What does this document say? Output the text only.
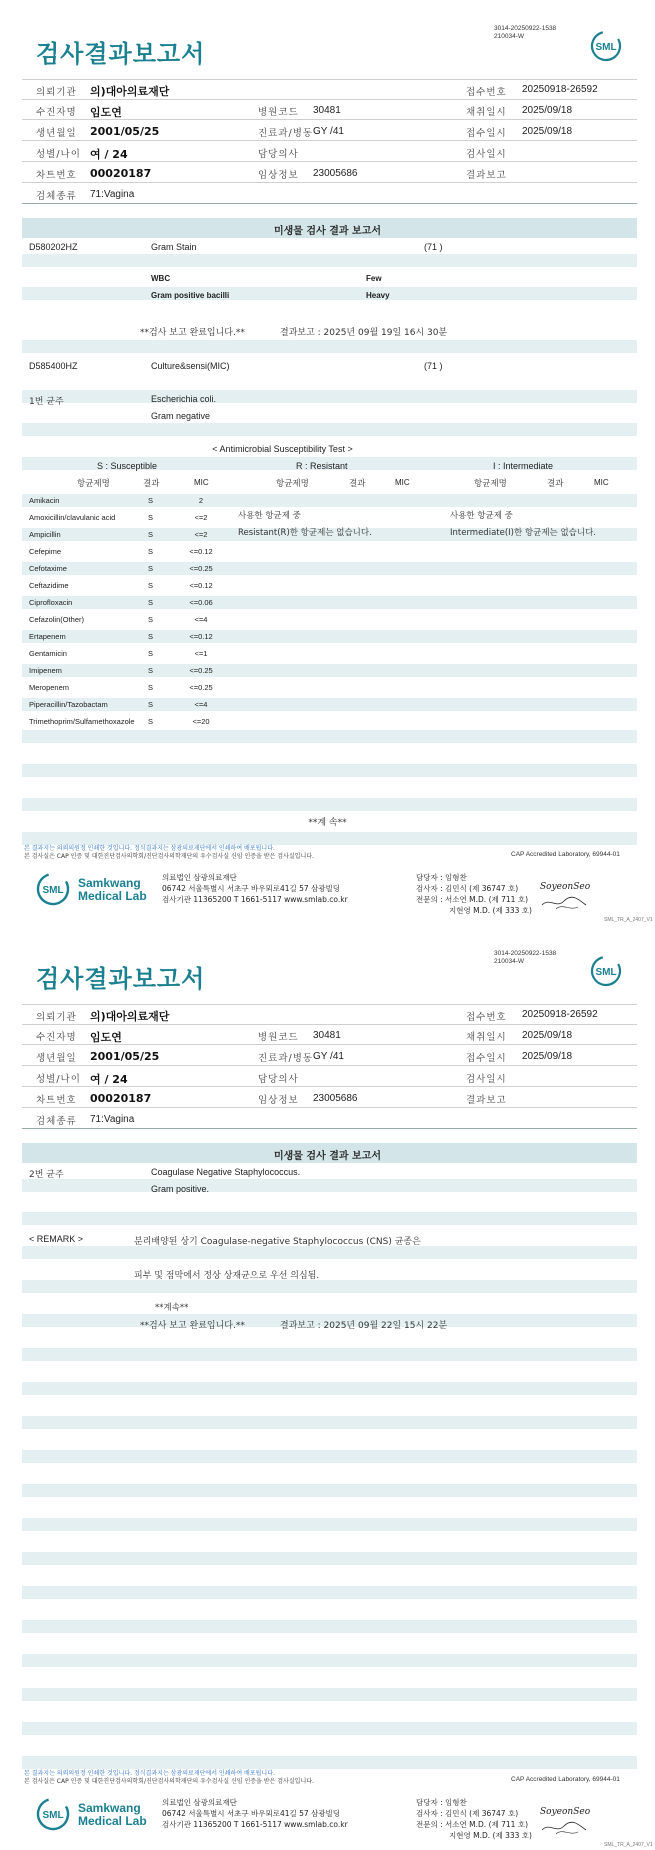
검사결과보고서
3014-20250922-1538
210034-W
SML
의뢰기관 의)대아의료재단	접수번호 20250918-26592
수진자명 임도연	병원코드 30481	채취일시 2025/09/18
생년월일 2001/05/25	진료과/병동 GY /41	접수일시 2025/09/18
성별/나이 여 / 24	담당의사	검사일시
차트번호 00020187	임상정보 23005686	결과보고
검체종류 71:Vagina
미생물 검사 결과 보고서
D580202HZ	Gram Stain	(71 )
WBC	Few
Gram positive bacilli	Heavy
**검사 보고 완료입니다.**	결과보고 : 2025년 09월 19일 16시 30분
D585400HZ	Culture&sensi(MIC)	(71 )
1번 균주	Escherichia coli.
Gram negative
< Antimicrobial Susceptibility Test >
S : Susceptible	R : Resistant	I : Intermediate
항균제명	결과	MIC	항균제명	결과	MIC	항균제명	결과	MIC
Amikacin	S	2
Amoxicillin/clavulanic acid	S	<=2
Ampicillin	S	<=2
Cefepime	S	<=0.12
Cefotaxime	S	<=0.25
Ceftazidime	S	<=0.12
Ciprofloxacin	S	<=0.06
Cefazolin(Other)	S	<=4
Ertapenem	S	<=0.12
Gentamicin	S	<=1
Imipenem	S	<=0.25
Meropenem	S	<=0.25
Piperacillin/Tazobactam	S	<=4
Trimethoprim/Sulfamethoxazole S	<=20
사용한 항균제 중
Resistant(R)한 항균제는 없습니다.
사용한 항균제 중
Intermediate(I)한 항균제는 없습니다.
**계 속**
본 결과지는 의뢰의원정 인쇄한 것입니다. 정식결과지는 삼광의료재단에서 인쇄하여 배포됩니다.
본 검사실은 CAP 인증 및 대한진단검사의학회/진단검사의학재단의 우수검사실 신임 인증을 받은 검사실입니다.	CAP Accredited Laboratory, 69944-01
SML
Samkwang
Medical Lab
의료법인 삼광의료재단
06742 서울특별시 서초구 바우뫼로41길 57 삼광빌딩
검사기관 11365200 T 1661-5117 www.smlab.co.kr
담당자 : 임형찬
검사자 : 김민식 (제 36747 호)
전문의 : 서소연 M.D. (제 711 호)
지현영 M.D. (제 333 호)
SoyeonSeo
SML_TR_A_2407_V1
검사결과보고서
3014-20250922-1538
210034-W
SML
의뢰기관 의)대아의료재단	접수번호 20250918-26592
수진자명 임도연	병원코드 30481	채취일시 2025/09/18
생년월일 2001/05/25	진료과/병동 GY /41	접수일시 2025/09/18
성별/나이 여 / 24	담당의사	검사일시
차트번호 00020187	임상정보 23005686	결과보고
검체종류 71:Vagina
미생물 검사 결과 보고서
2번 균주	Coagulase Negative Staphylococcus.
Gram positive.
< REMARK >	분리배양된 상기 Coagulase-negative Staphylococcus (CNS) 균종은
피부 및 점막에서 정상 상재균으로 우선 의심됨.
**계속**
**검사 보고 완료입니다.**	결과보고 : 2025년 09월 22일 15시 22분
본 결과지는 의뢰의원정 인쇄한 것입니다. 정식결과지는 삼광의료재단에서 인쇄하여 배포됩니다.
본 검사실은 CAP 인증 및 대한진단검사의학회/진단검사의학재단의 우수검사실 신임 인증을 받은 검사실입니다.	CAP Accredited Laboratory, 69944-01
SML
Samkwang
Medical Lab
의료법인 삼광의료재단
06742 서울특별시 서초구 바우뫼로41길 57 삼광빌딩
검사기관 11365200 T 1661-5117 www.smlab.co.kr
담당자 : 임형찬
검사자 : 김민식 (제 36747 호)
전문의 : 서소연 M.D. (제 711 호)
지현영 M.D. (제 333 호)
SoyeonSeo
SML_TR_A_2407_V1
